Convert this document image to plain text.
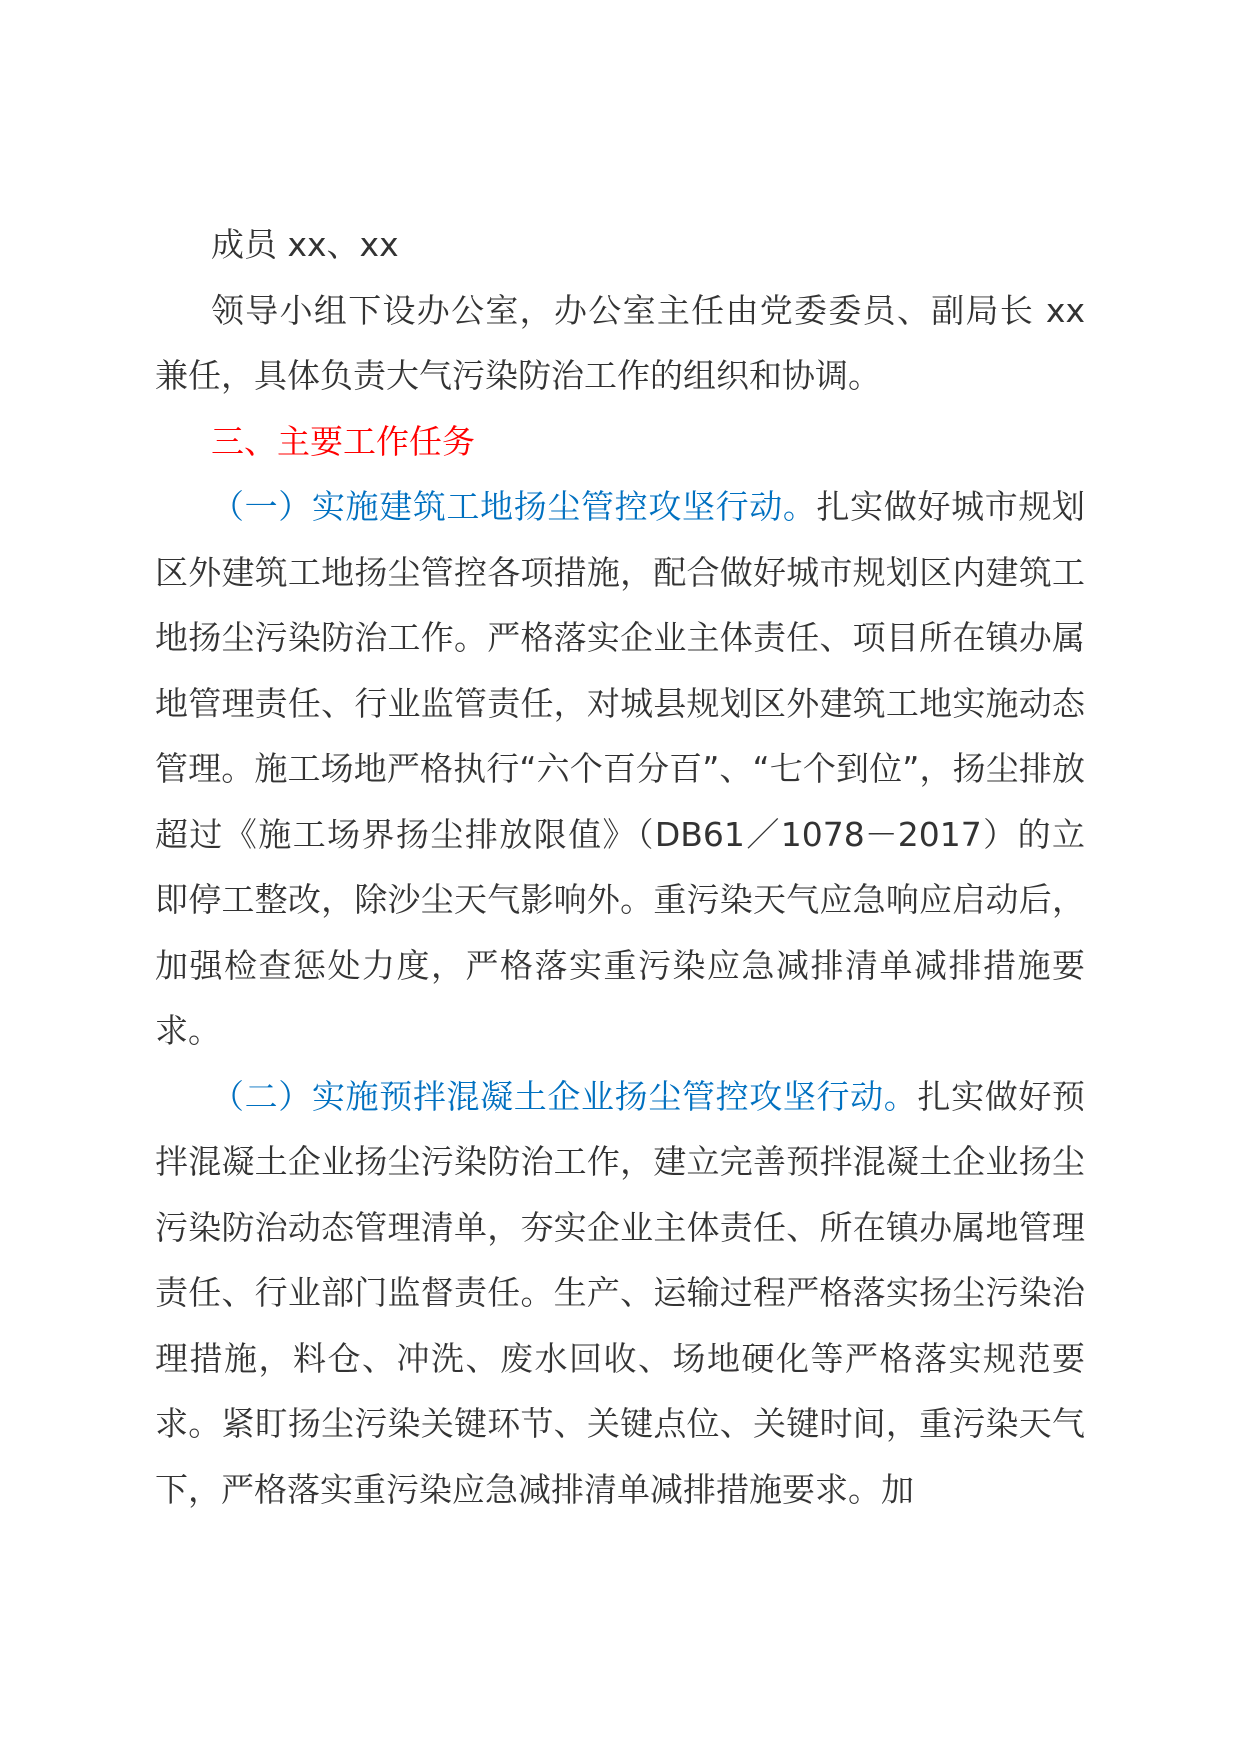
成员 xx、xx

领导小组下设办公室，办公室主任由党委委员、副局长 xx 兼任，具体负责大气污染防治工作的组织和协调。

三、主要工作任务

（一）实施建筑工地扬尘管控攻坚行动。扎实做好城市规划区外建筑工地扬尘管控各项措施，配合做好城市规划区内建筑工地扬尘污染防治工作。严格落实企业主体责任、项目所在镇办属地管理责任、行业监管责任，对城县规划区外建筑工地实施动态管理。施工场地严格执行“六个百分百”、“七个到位”，扬尘排放超过《施工场界扬尘排放限值》（DB61／1078－2017）的立即停工整改，除沙尘天气影响外。重污染天气应急响应启动后，加强检查惩处力度，严格落实重污染应急减排清单减排措施要求。

（二）实施预拌混凝土企业扬尘管控攻坚行动。扎实做好预拌混凝土企业扬尘污染防治工作，建立完善预拌混凝土企业扬尘污染防治动态管理清单，夯实企业主体责任、所在镇办属地管理责任、行业部门监督责任。生产、运输过程严格落实扬尘污染治理措施，料仓、冲洗、废水回收、场地硬化等严格落实规范要求。紧盯扬尘污染关键环节、关键点位、关键时间，重污染天气下，严格落实重污染应急减排清单减排措施要求。加
